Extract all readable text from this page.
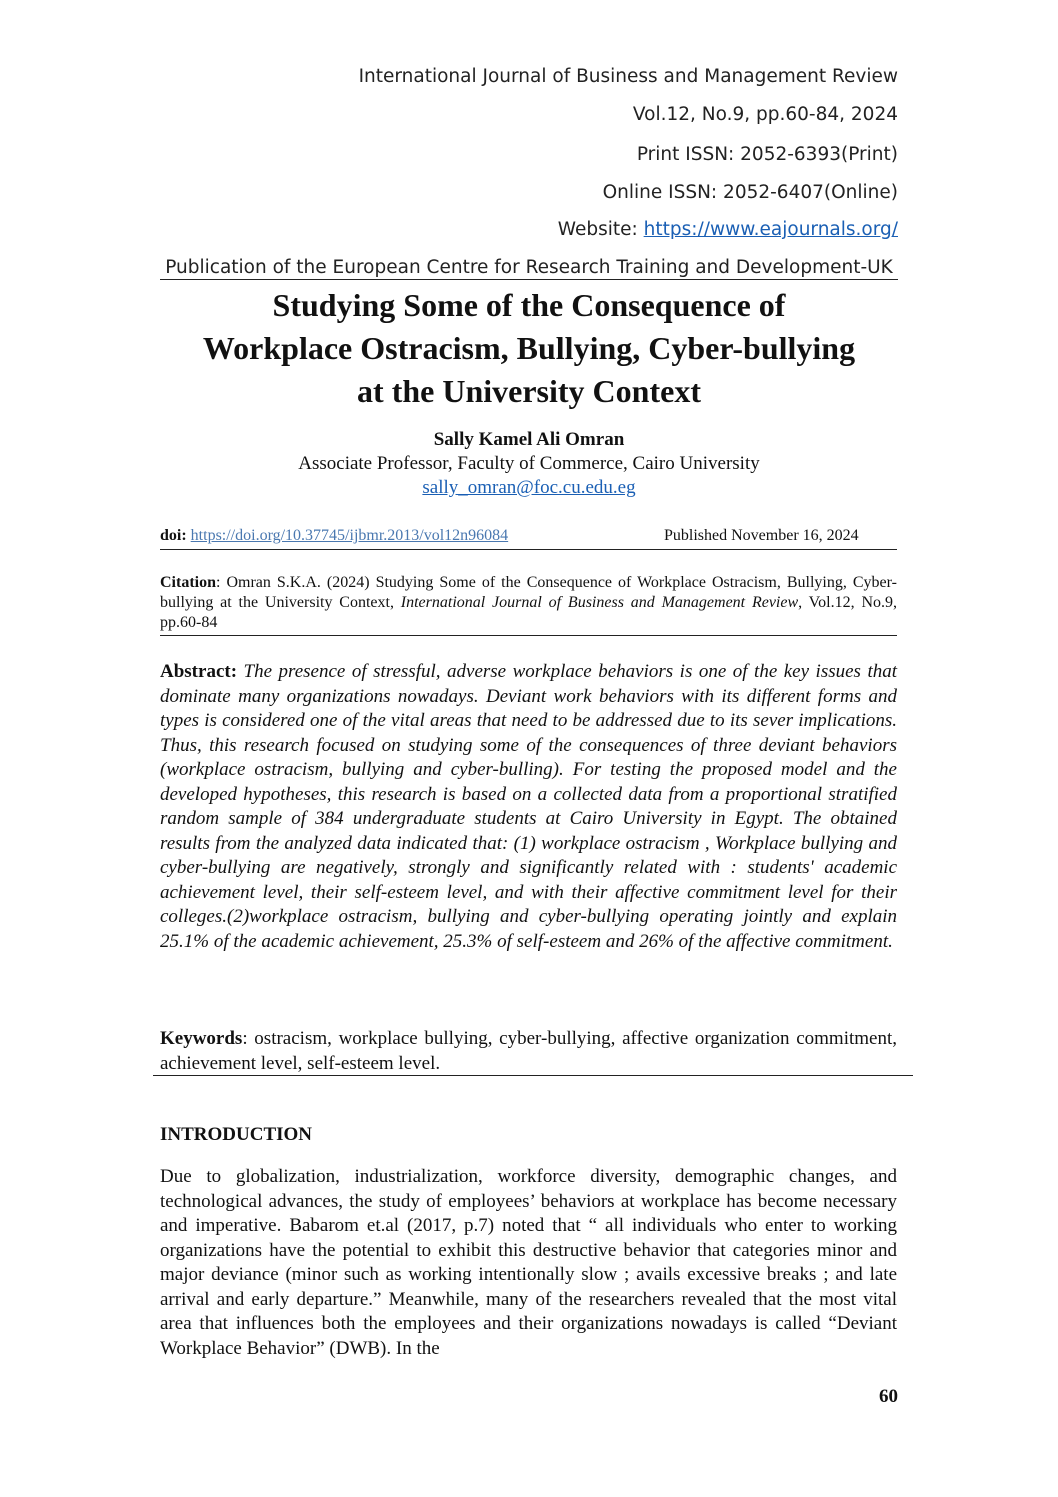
International Journal of Business and Management Review
Vol.12, No.9, pp.60-84, 2024
Print ISSN: 2052-6393(Print)
Online ISSN: 2052-6407(Online)
Website: https://www.eajournals.org/
Publication of the European Centre for Research Training and Development-UK
Studying Some of the Consequence of
Workplace Ostracism, Bullying, Cyber-bullying
at the University Context
Sally Kamel Ali Omran
Associate Professor, Faculty of Commerce, Cairo University
sally_omran@foc.cu.edu.eg
doi: https://doi.org/10.37745/ijbmr.2013/vol12n96084	Published November 16, 2024
Citation: Omran S.K.A. (2024) Studying Some of the Consequence of Workplace Ostracism, Bullying, Cyber-bullying at the University Context, International Journal of Business and Management Review, Vol.12, No.9, pp.60-84
Abstract: The presence of stressful, adverse workplace behaviors is one of the key issues that dominate many organizations nowadays. Deviant work behaviors with its different forms and types is considered one of the vital areas that need to be addressed due to its sever implications. Thus, this research focused on studying some of the consequences of three deviant behaviors (workplace ostracism, bullying and cyber-bulling). For testing the proposed model and the developed hypotheses, this research is based on a collected data from a proportional stratified random sample of 384 undergraduate students at Cairo University in Egypt. The obtained results from the analyzed data indicated that: (1) workplace ostracism , Workplace bullying and cyber-bullying are negatively, strongly and significantly related with : students' academic achievement level, their self-esteem level, and with their affective commitment level for their colleges.(2)workplace ostracism, bullying and cyber-bullying operating jointly and explain 25.1% of the academic achievement, 25.3% of self-esteem and 26% of the affective commitment.
Keywords: ostracism, workplace bullying, cyber-bullying, affective organization commitment, achievement level, self-esteem level.
INTRODUCTION
Due to globalization, industrialization, workforce diversity, demographic changes, and technological advances, the study of employees’ behaviors at workplace has become necessary and imperative. Babarom et.al (2017, p.7) noted that “ all individuals who enter to working organizations have the potential to exhibit this destructive behavior that categories minor and major deviance (minor such as working intentionally slow ; avails excessive breaks ; and late arrival and early departure.” Meanwhile, many of the researchers revealed that the most vital area that influences both the employees and their organizations nowadays is called “Deviant Workplace Behavior” (DWB). In the
60
